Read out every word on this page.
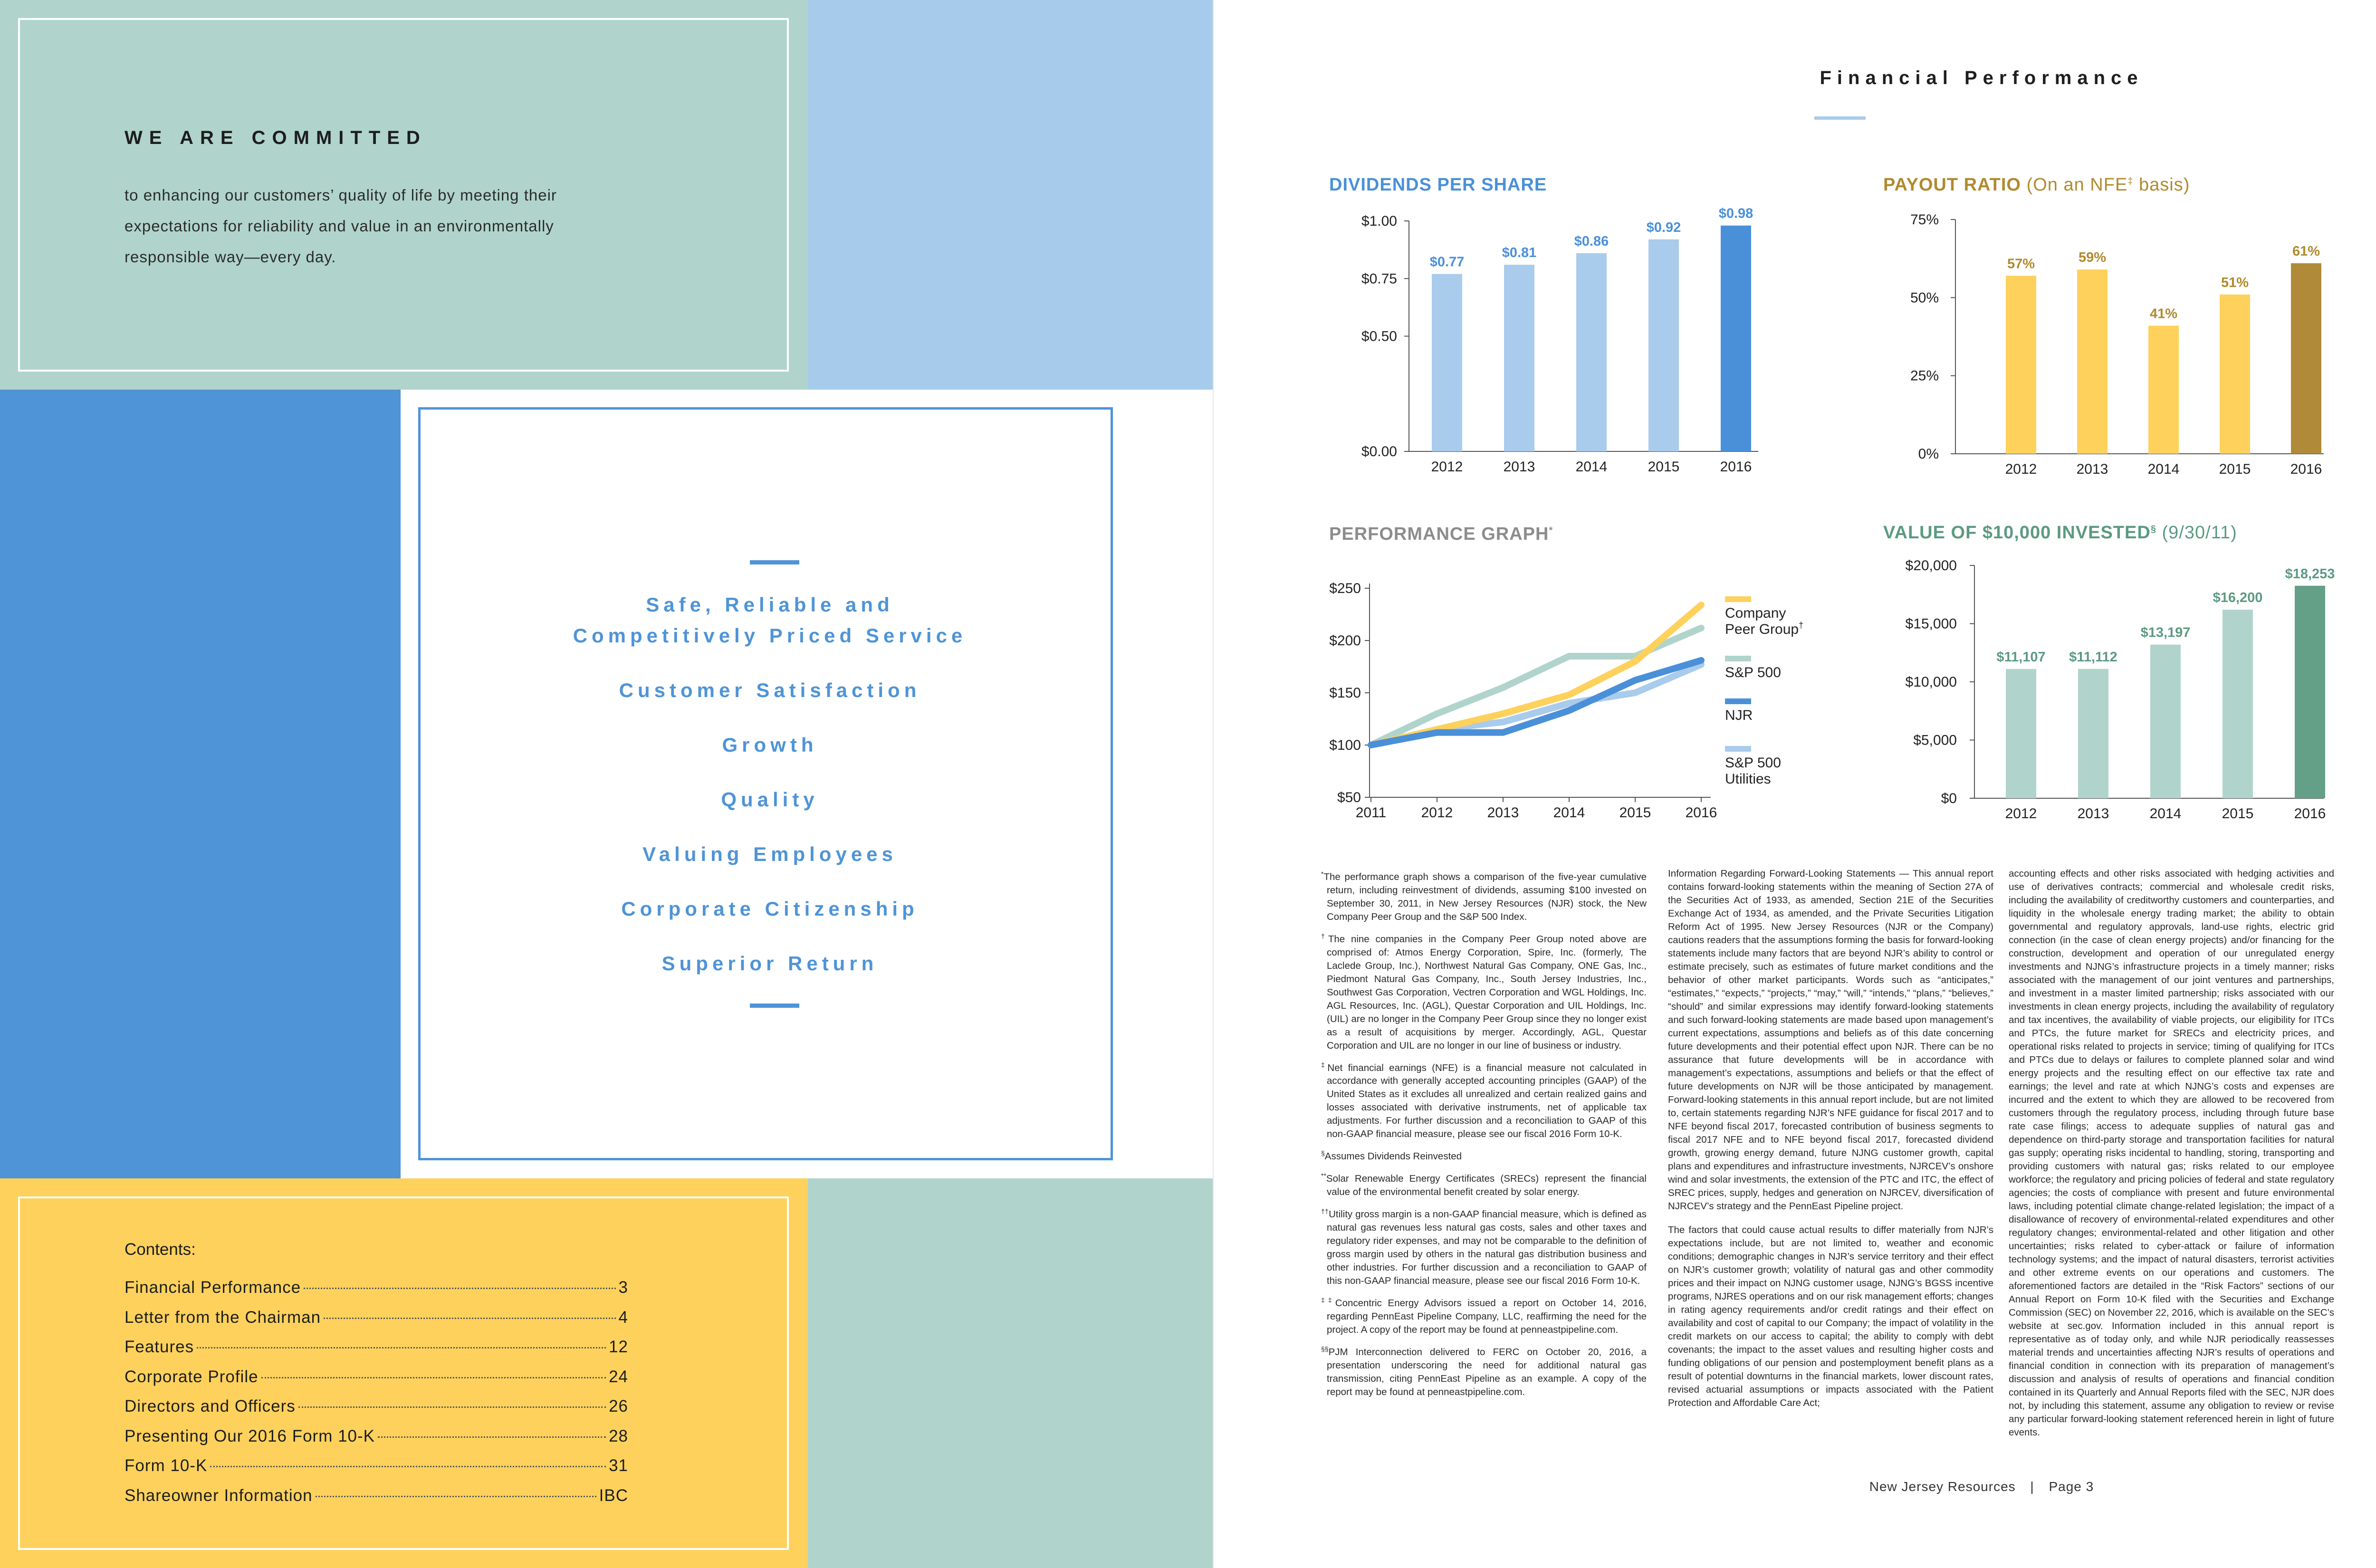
WE ARE COMMITTED
to enhancing our customers’ quality of life by meeting their
expectations for reliability and value in an environmentally
responsible way—every day.
Safe, Reliable and
Competitively Priced Service
Customer Satisfaction
Growth
Quality
Valuing Employees
Corporate Citizenship
Superior Return
Contents:
Financial Performance	3
Letter from the Chairman	4
Features	12
Corporate Profile	24
Directors and Officers	26
Presenting Our 2016 Form 10-K	28
Form 10-K	31
Shareowner Information	IBC
Financial Performance
DIVIDENDS PER SHARE
$0.00
$0.50
$0.75
$1.00
$0.77
2012
$0.81
2013
$0.86
2014
$0.92
2015
$0.98
2016
PAYOUT RATIO (On an NFE‡ basis)
0%
25%
50%
75%
57%
2012
59%
2013
41%
2014
51%
2015
61%
2016
PERFORMANCE GRAPH*
$50
$100
$150
$200
$250
2011 2012 2013 2014 2015 2016
Company
Peer Group†
S&P 500
NJR
S&P 500
Utilities
VALUE OF $10,000 INVESTED§ (9/30/11)
$0
$5,000
$10,000
$15,000
$20,000
$11,107
2012
$11,112
2013
$13,197
2014
$16,200
2015
$18,253
2016

*The performance graph shows a comparison of the five-year cumulative return, including reinvestment of dividends, assuming $100 invested on September 30, 2011, in New Jersey Resources (NJR) stock, the New Company Peer Group and the S&P 500 Index.

†The nine companies in the Company Peer Group noted above are comprised of: Atmos Energy Corporation, Spire, Inc. (formerly, The Laclede Group, Inc.), Northwest Natural Gas Company, ONE Gas, Inc., Piedmont Natural Gas Company, Inc., South Jersey Industries, Inc., Southwest Gas Corporation, Vectren Corporation and WGL Holdings, Inc. AGL Resources, Inc. (AGL), Questar Corporation and UIL Holdings, Inc. (UIL) are no longer in the Company Peer Group since they no longer exist as a result of acquisitions by merger. Accordingly, AGL, Questar Corporation and UIL are no longer in our line of business or industry.

‡Net financial earnings (NFE) is a financial measure not calculated in accordance with generally accepted accounting principles (GAAP) of the United States as it excludes all unrealized and certain realized gains and losses associated with derivative instruments, net of applicable tax adjustments. For further discussion and a reconciliation to GAAP of this non-GAAP financial measure, please see our fiscal 2016 Form 10-K.

§Assumes Dividends Reinvested

**Solar Renewable Energy Certificates (SRECs) represent the financial value of the environmental benefit created by solar energy.

††Utility gross margin is a non-GAAP financial measure, which is defined as natural gas revenues less natural gas costs, sales and other taxes and regulatory rider expenses, and may not be comparable to the definition of gross margin used by others in the natural gas distribution business and other industries. For further discussion and a reconciliation to GAAP of this non-GAAP financial measure, please see our fiscal 2016 Form 10-K.

‡‡Concentric Energy Advisors issued a report on October 14, 2016, regarding PennEast Pipeline Company, LLC, reaffirming the need for the project. A copy of the report may be found at penneastpipeline.com.

§§PJM Interconnection delivered to FERC on October 20, 2016, a presentation underscoring the need for additional natural gas transmission, citing PennEast Pipeline as an example. A copy of the report may be found at penneastpipeline.com.

Information Regarding Forward-Looking Statements — This annual report contains forward-looking statements within the meaning of Section 27A of the Securities Act of 1933, as amended, Section 21E of the Securities Exchange Act of 1934, as amended, and the Private Securities Litigation Reform Act of 1995. New Jersey Resources (NJR or the Company) cautions readers that the assumptions forming the basis for forward-looking statements include many factors that are beyond NJR’s ability to control or estimate precisely, such as estimates of future market conditions and the behavior of other market participants. Words such as “anticipates,” “estimates,” “expects,” “projects,” “may,” “will,” “intends,” “plans,” “believes,” “should” and similar expressions may identify forward-looking statements and such forward-looking statements are made based upon management’s current expectations, assumptions and beliefs as of this date concerning future developments and their potential effect upon NJR. There can be no assurance that future developments will be in accordance with management’s expectations, assumptions and beliefs or that the effect of future developments on NJR will be those anticipated by management. Forward-looking statements in this annual report include, but are not limited to, certain statements regarding NJR’s NFE guidance for fiscal 2017 and to NFE beyond fiscal 2017, forecasted contribution of business segments to fiscal 2017 NFE and to NFE beyond fiscal 2017, forecasted dividend growth, growing energy demand, future NJNG customer growth, capital plans and expenditures and infrastructure investments, NJRCEV’s onshore wind and solar investments, the extension of the PTC and ITC, the effect of SREC prices, supply, hedges and generation on NJRCEV, diversification of NJRCEV’s strategy and the PennEast Pipeline project.

The factors that could cause actual results to differ materially from NJR’s expectations include, but are not limited to, weather and economic conditions; demographic changes in NJR’s service territory and their effect on NJR’s customer growth; volatility of natural gas and other commodity prices and their impact on NJNG customer usage, NJNG’s BGSS incentive programs, NJRES operations and on our risk management efforts; changes in rating agency requirements and/or credit ratings and their effect on availability and cost of capital to our Company; the impact of volatility in the credit markets on our access to capital; the ability to comply with debt covenants; the impact to the asset values and resulting higher costs and funding obligations of our pension and postemployment benefit plans as a result of potential downturns in the financial markets, lower discount rates, revised actuarial assumptions or impacts associated with the Patient Protection and Affordable Care Act;

accounting effects and other risks associated with hedging activities and use of derivatives contracts; commercial and wholesale credit risks, including the availability of creditworthy customers and counterparties, and liquidity in the wholesale energy trading market; the ability to obtain governmental and regulatory approvals, land-use rights, electric grid connection (in the case of clean energy projects) and/or financing for the construction, development and operation of our unregulated energy investments and NJNG’s infrastructure projects in a timely manner; risks associated with the management of our joint ventures and partnerships, and investment in a master limited partnership; risks associated with our investments in clean energy projects, including the availability of regulatory and tax incentives, the availability of viable projects, our eligibility for ITCs and PTCs, the future market for SRECs and electricity prices, and operational risks related to projects in service; timing of qualifying for ITCs and PTCs due to delays or failures to complete planned solar and wind energy projects and the resulting effect on our effective tax rate and earnings; the level and rate at which NJNG’s costs and expenses are incurred and the extent to which they are allowed to be recovered from customers through the regulatory process, including through future base rate case filings; access to adequate supplies of natural gas and dependence on third-party storage and transportation facilities for natural gas supply; operating risks incidental to handling, storing, transporting and providing customers with natural gas; risks related to our employee workforce; the regulatory and pricing policies of federal and state regulatory agencies; the costs of compliance with present and future environmental laws, including potential climate change-related legislation; the impact of a disallowance of recovery of environmental-related expenditures and other regulatory changes; environmental-related and other litigation and other uncertainties; risks related to cyber-attack or failure of information technology systems; and the impact of natural disasters, terrorist activities and other extreme events on our operations and customers. The aforementioned factors are detailed in the “Risk Factors” sections of our Annual Report on Form 10-K filed with the Securities and Exchange Commission (SEC) on November 22, 2016, which is available on the SEC’s website at sec.gov. Information included in this annual report is representative as of today only, and while NJR periodically reassesses material trends and uncertainties affecting NJR’s results of operations and financial condition in connection with its preparation of management’s discussion and analysis of results of operations and financial condition contained in its Quarterly and Annual Reports filed with the SEC, NJR does not, by including this statement, assume any obligation to review or revise any particular forward-looking statement referenced herein in light of future events.

New Jersey Resources | Page 3
